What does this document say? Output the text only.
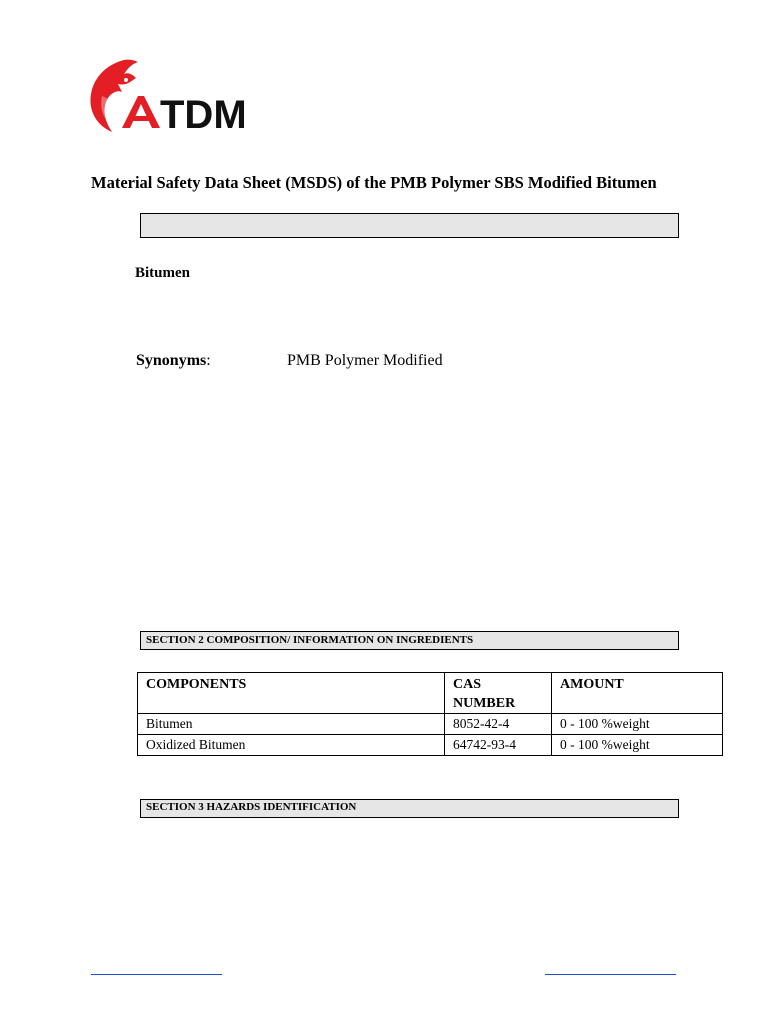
TDM
Material Safety Data Sheet (MSDS) of the PMB Polymer SBS Modified Bitumen
Bitumen
Synonyms:	PMB Polymer Modified
SECTION 2 COMPOSITION/ INFORMATION ON INGREDIENTS
COMPONENTS	CAS NUMBER	AMOUNT
Bitumen	8052-42-4	0 - 100 %weight
Oxidized Bitumen	64742-93-4	0 - 100 %weight
SECTION 3 HAZARDS IDENTIFICATION
